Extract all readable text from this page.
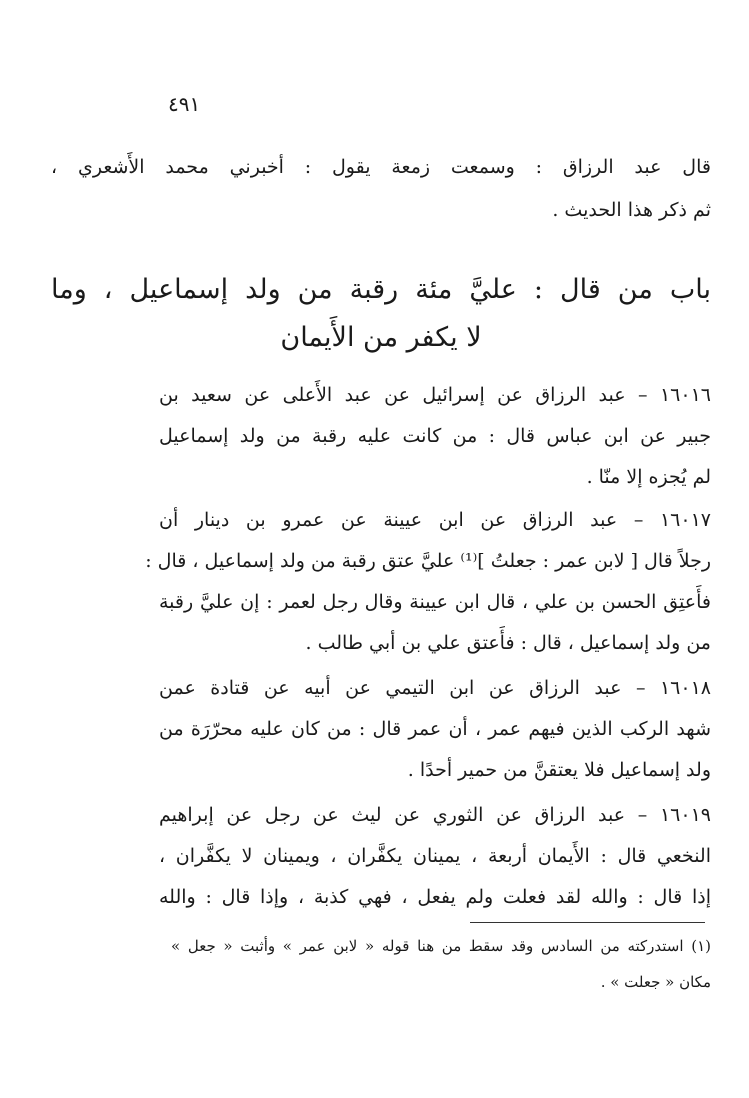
٤٩١
قال عبد الرزاق : وسمعت زمعة يقول : أخبرني محمد الأَشعري ،
ثم ذكر هذا الحديث .
باب من قال : عليَّ مئة رقبة من ولد إسماعيل ، وما
لا يكفر من الأَيمان
١٦٠١٦ – عبد الرزاق عن إسرائيل عن عبد الأَعلى عن سعيد بن
جبير عن ابن عباس قال : من كانت عليه رقبة من ولد إسماعيل
لم يُجزه إلا منّا .
١٦٠١٧ – عبد الرزاق عن ابن عيينة عن عمرو بن دينار أن
رجلاً قال [ لابن عمر : جعلتُ ]⁽¹⁾ عليَّ عتق رقبة من ولد إسماعيل ، قال :
فأَعتِق الحسن بن علي ، قال ابن عيينة وقال رجل لعمر : إن عليَّ رقبة
من ولد إسماعيل ، قال : فأَعتق علي بن أبي طالب .
١٦٠١٨ – عبد الرزاق عن ابن التيمي عن أبيه عن قتادة عمن
شهد الركب الذين فيهم عمر ، أن عمر قال : من كان عليه محرّرَة من
ولد إسماعيل فلا يعتقنَّ من حمير أحدًا .
١٦٠١٩ – عبد الرزاق عن الثوري عن ليث عن رجل عن إبراهيم
النخعي قال : الأَيمان أربعة ، يمينان يكفَّران ، ويمينان لا يكفَّران ،
إذا قال : والله لقد فعلت ولم يفعل ، فهي كذبة ، وإذا قال : والله
(١) استدركته من السادس وقد سقط من هنا قوله « لابن عمر » وأثبت « جعل »
مكان « جعلت » .
